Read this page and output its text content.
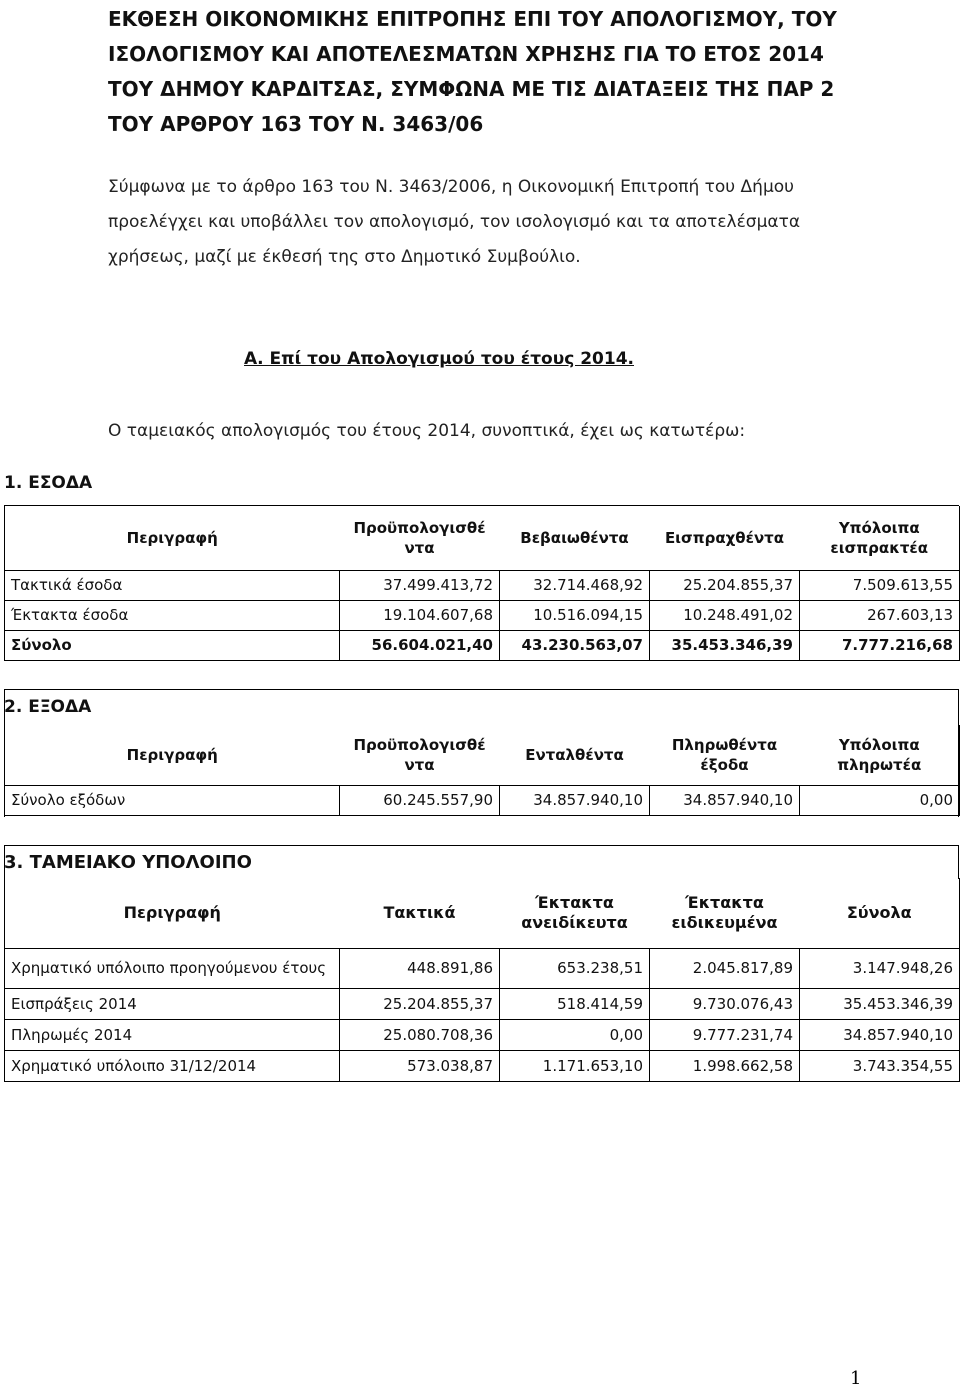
ΕΚΘΕΣΗ ΟΙΚΟΝΟΜΙΚΗΣ ΕΠΙΤΡΟΠΗΣ ΕΠΙ ΤΟΥ ΑΠΟΛΟΓΙΣΜΟΥ, ΤΟΥ ΙΣΟΛΟΓΙΣΜΟΥ ΚΑΙ ΑΠΟΤΕΛΕΣΜΑΤΩΝ ΧΡΗΣΗΣ ΓΙΑ ΤΟ ΕΤΟΣ 2014 ΤΟΥ ΔΗΜΟΥ ΚΑΡΔΙΤΣΑΣ, ΣΥΜΦΩΝΑ ΜΕ ΤΙΣ ΔΙΑΤΑΞΕΙΣ ΤΗΣ ΠΑΡ 2 ΤΟΥ ΑΡΘΡΟΥ 163 ΤΟΥ Ν. 3463/06
Σύμφωνα με το άρθρο 163 του Ν. 3463/2006, η Οικονομική Επιτροπή του Δήμου προελέγχει και υποβάλλει τον απολογισμό, τον ισολογισμό και τα αποτελέσματα χρήσεως, μαζί με έκθεσή της στο Δημοτικό Συμβούλιο.
Α. Επί του Απολογισμού του έτους 2014.
Ο ταμειακός απολογισμός του έτους 2014, συνοπτικά, έχει ως κατωτέρω:
1. ΕΣΟΔΑ
Περιγραφή	Προϋπολογισθέ ντα	Βεβαιωθέντα	Εισπραχθέντα	Υπόλοιπα εισπρακτέα
Τακτικά έσοδα	37.499.413,72	32.714.468,92	25.204.855,37	7.509.613,55
Έκτακτα έσοδα	19.104.607,68	10.516.094,15	10.248.491,02	267.603,13
Σύνολο	56.604.021,40	43.230.563,07	35.453.346,39	7.777.216,68
2. ΕΞΟΔΑ
Περιγραφή	Προϋπολογισθέ ντα	Ενταλθέντα	Πληρωθέντα έξοδα	Υπόλοιπα πληρωτέα
Σύνολο εξόδων	60.245.557,90	34.857.940,10	34.857.940,10	0,00
3. ΤΑΜΕΙΑΚΟ ΥΠΟΛΟΙΠΟ
Περιγραφή	Τακτικά	Έκτακτα ανειδίκευτα	Έκτακτα ειδικευμένα	Σύνολα
Χρηματικό υπόλοιπο προηγούμενου έτους	448.891,86	653.238,51	2.045.817,89	3.147.948,26
Εισπράξεις 2014	25.204.855,37	518.414,59	9.730.076,43	35.453.346,39
Πληρωμές 2014	25.080.708,36	0,00	9.777.231,74	34.857.940,10
Χρηματικό υπόλοιπο 31/12/2014	573.038,87	1.171.653,10	1.998.662,58	3.743.354,55
1
